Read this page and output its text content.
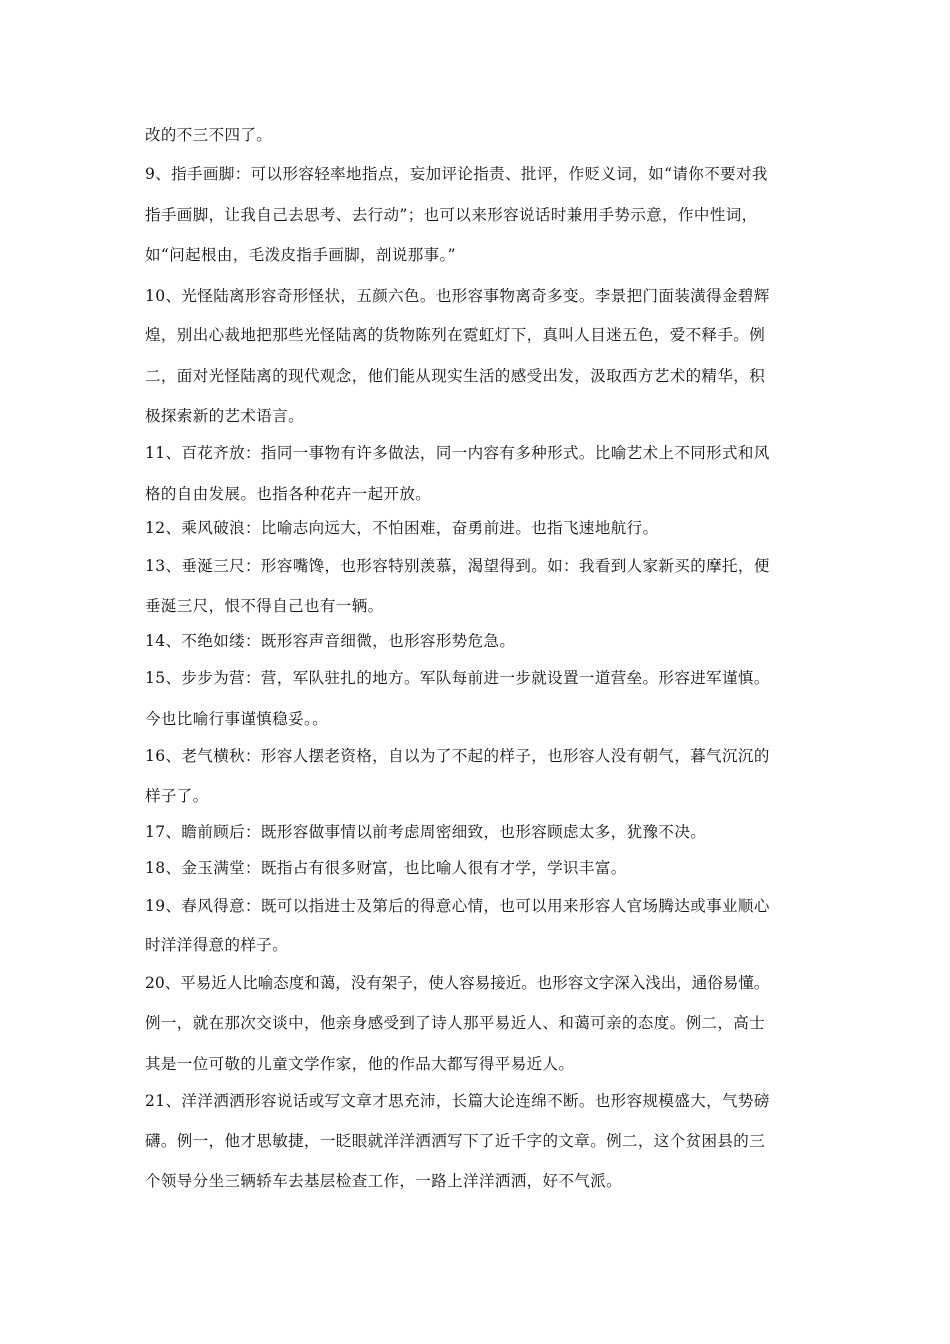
改的不三不四了。
9、指手画脚：可以形容轻率地指点，妄加评论指责、批评，作贬义词，如“请你不要对我
指手画脚，让我自己去思考、去行动”；也可以来形容说话时兼用手势示意，作中性词，
如“问起根由，毛泼皮指手画脚，剖说那事。”
10、光怪陆离形容奇形怪状，五颜六色。也形容事物离奇多变。李景把门面装潢得金碧辉
煌，别出心裁地把那些光怪陆离的货物陈列在霓虹灯下，真叫人目迷五色，爱不释手。例
二，面对光怪陆离的现代观念，他们能从现实生活的感受出发，汲取西方艺术的精华，积
极探索新的艺术语言。
11、百花齐放：指同一事物有许多做法，同一内容有多种形式。比喻艺术上不同形式和风
格的自由发展。也指各种花卉一起开放。
12、乘风破浪：比喻志向远大，不怕困难，奋勇前进。也指飞速地航行。
13、垂涎三尺：形容嘴馋，也形容特别羡慕，渴望得到。如：我看到人家新买的摩托，便
垂涎三尺，恨不得自己也有一辆。
14、不绝如缕：既形容声音细微，也形容形势危急。
15、步步为营：营，军队驻扎的地方。军队每前进一步就设置一道营垒。形容进军谨慎。
今也比喻行事谨慎稳妥。。
16、老气横秋：形容人摆老资格，自以为了不起的样子，也形容人没有朝气，暮气沉沉的
样子了。
17、瞻前顾后：既形容做事情以前考虑周密细致，也形容顾虑太多，犹豫不决。
18、金玉满堂：既指占有很多财富，也比喻人很有才学，学识丰富。
19、春风得意：既可以指进士及第后的得意心情，也可以用来形容人官场腾达或事业顺心
时洋洋得意的样子。
20、平易近人比喻态度和蔼，没有架子，使人容易接近。也形容文字深入浅出，通俗易懂。
例一，就在那次交谈中，他亲身感受到了诗人那平易近人、和蔼可亲的态度。例二，高士
其是一位可敬的儿童文学作家，他的作品大都写得平易近人。
21、洋洋洒洒形容说话或写文章才思充沛，长篇大论连绵不断。也形容规模盛大，气势磅
礴。例一，他才思敏捷，一眨眼就洋洋洒洒写下了近千字的文章。例二，这个贫困县的三
个领导分坐三辆轿车去基层检查工作，一路上洋洋洒洒，好不气派。
